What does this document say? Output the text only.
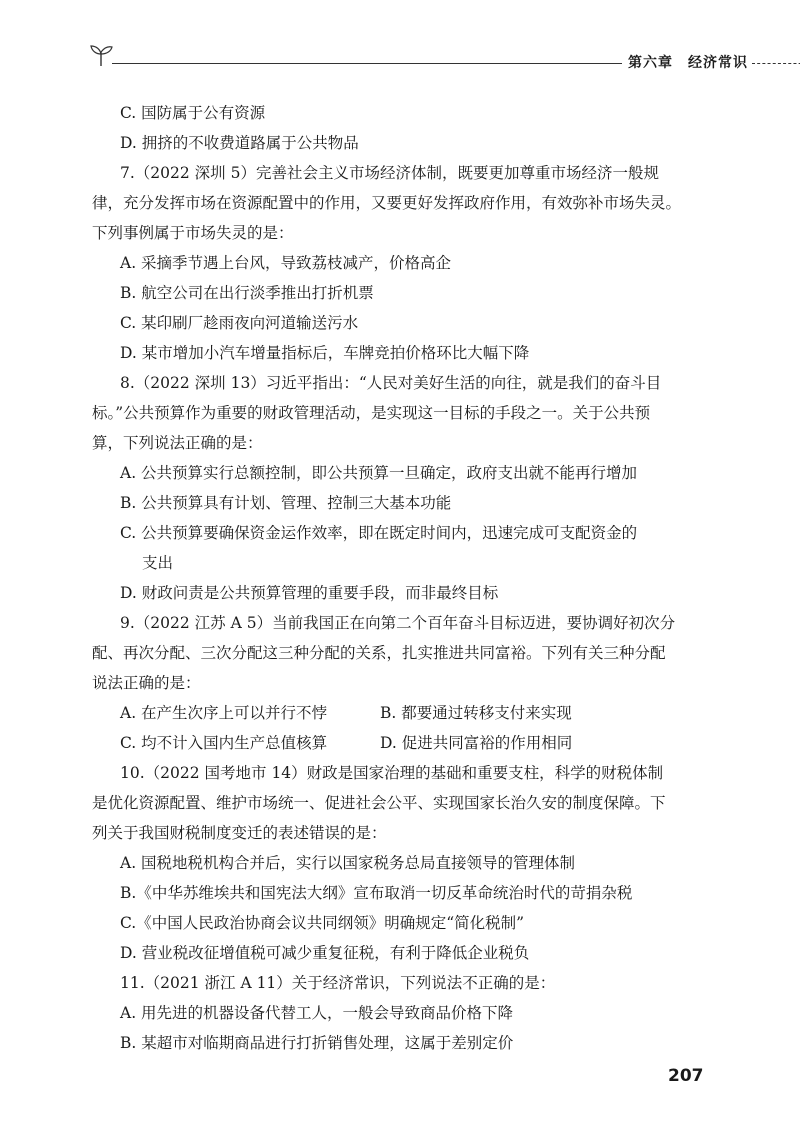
第六章　经济常识
C. 国防属于公有资源
D. 拥挤的不收费道路属于公共物品
7.（2022 深圳 5）完善社会主义市场经济体制，既要更加尊重市场经济一般规
律，充分发挥市场在资源配置中的作用，又要更好发挥政府作用，有效弥补市场失灵。
下列事例属于市场失灵的是：
A. 采摘季节遇上台风，导致荔枝减产，价格高企
B. 航空公司在出行淡季推出打折机票
C. 某印刷厂趁雨夜向河道输送污水
D. 某市增加小汽车增量指标后，车牌竞拍价格环比大幅下降
8.（2022 深圳 13）习近平指出：“人民对美好生活的向往，就是我们的奋斗目
标。”公共预算作为重要的财政管理活动，是实现这一目标的手段之一。关于公共预
算，下列说法正确的是：
A. 公共预算实行总额控制，即公共预算一旦确定，政府支出就不能再行增加
B. 公共预算具有计划、管理、控制三大基本功能
C. 公共预算要确保资金运作效率，即在既定时间内，迅速完成可支配资金的
支出
D. 财政问责是公共预算管理的重要手段，而非最终目标
9.（2022 江苏 A 5）当前我国正在向第二个百年奋斗目标迈进，要协调好初次分
配、再次分配、三次分配这三种分配的关系，扎实推进共同富裕。下列有关三种分配
说法正确的是：
A. 在产生次序上可以并行不悖	B. 都要通过转移支付来实现
C. 均不计入国内生产总值核算	D. 促进共同富裕的作用相同
10.（2022 国考地市 14）财政是国家治理的基础和重要支柱，科学的财税体制
是优化资源配置、维护市场统一、促进社会公平、实现国家长治久安的制度保障。下
列关于我国财税制度变迁的表述错误的是：
A. 国税地税机构合并后，实行以国家税务总局直接领导的管理体制
B.《中华苏维埃共和国宪法大纲》宣布取消一切反革命统治时代的苛捐杂税
C.《中国人民政治协商会议共同纲领》明确规定“简化税制”
D. 营业税改征增值税可减少重复征税，有利于降低企业税负
11.（2021 浙江 A 11）关于经济常识，下列说法不正确的是：
A. 用先进的机器设备代替工人，一般会导致商品价格下降
B. 某超市对临期商品进行打折销售处理，这属于差别定价
207
